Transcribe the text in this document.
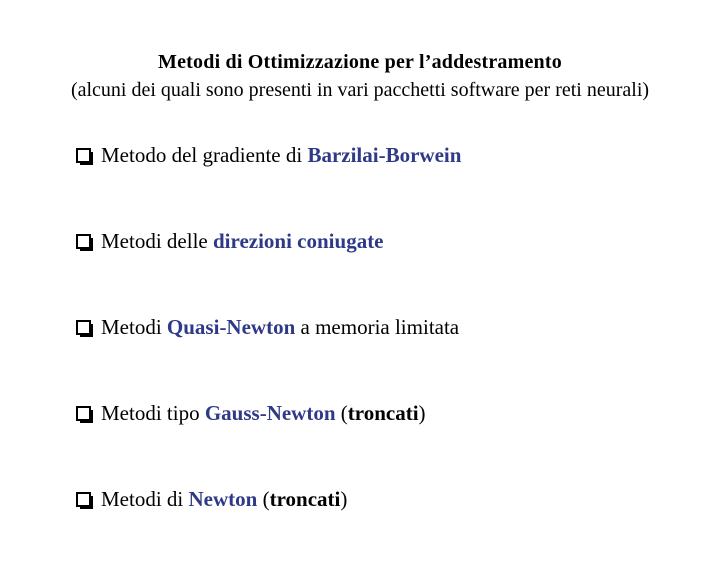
Metodi di Ottimizzazione per l’addestramento
(alcuni dei quali sono presenti in vari pacchetti software per reti neurali)
Metodo del gradiente di Barzilai-Borwein
Metodi delle direzioni coniugate
Metodi Quasi-Newton a memoria limitata
Metodi tipo Gauss-Newton (troncati)
Metodi di Newton (troncati)
